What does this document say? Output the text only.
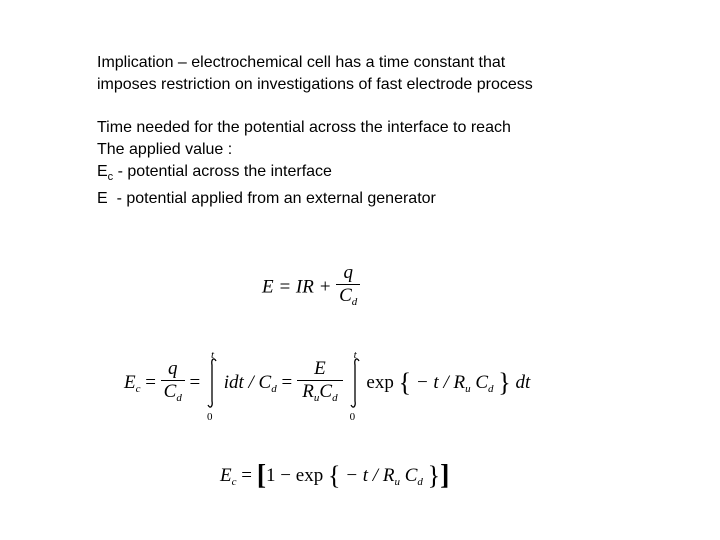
Implication – electrochemical cell has a time constant that
imposes restriction on investigations of fast electrode process
Time needed for the potential across the interface to reach
The applied value :
$E_c$ - potential across the interface
E  - potential applied from an external generator
E = IR + $\frac{q}{C_d}$
$E_c = \frac{q}{C_d}$ =
t
0
idt / $C_d = \frac{E}{R_uC_d}$

t
0
exp { − t / $R_u$ $C_d$ } dt
$E_c = [1 - \exp$ { − t / $R_u$ $C_d$ }]
